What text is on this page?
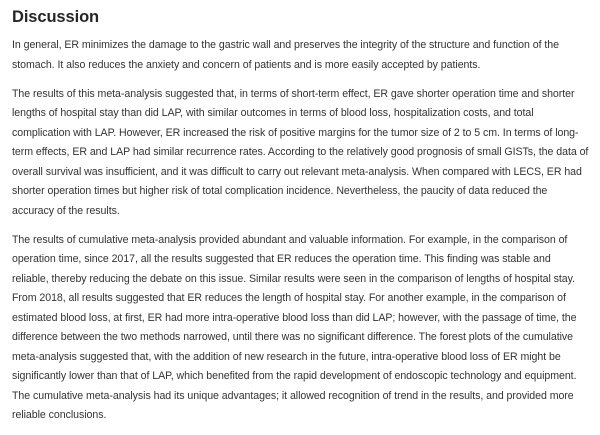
Discussion

In general, ER minimizes the damage to the gastric wall and preserves the integrity of the structure and function of the stomach. It also reduces the anxiety and concern of patients and is more easily accepted by patients.

The results of this meta-analysis suggested that, in terms of short-term effect, ER gave shorter operation time and shorter lengths of hospital stay than did LAP, with similar outcomes in terms of blood loss, hospitalization costs, and total complication with LAP. However, ER increased the risk of positive margins for the tumor size of 2 to 5 cm. In terms of long-term effects, ER and LAP had similar recurrence rates. According to the relatively good prognosis of small GISTs, the data of overall survival was insufficient, and it was difficult to carry out relevant meta-analysis. When compared with LECS, ER had shorter operation times but higher risk of total complication incidence. Nevertheless, the paucity of data reduced the accuracy of the results.

The results of cumulative meta-analysis provided abundant and valuable information. For example, in the comparison of operation time, since 2017, all the results suggested that ER reduces the operation time. This finding was stable and reliable, thereby reducing the debate on this issue. Similar results were seen in the comparison of lengths of hospital stay. From 2018, all results suggested that ER reduces the length of hospital stay. For another example, in the comparison of estimated blood loss, at first, ER had more intra-operative blood loss than did LAP; however, with the passage of time, the difference between the two methods narrowed, until there was no significant difference. The forest plots of the cumulative meta-analysis suggested that, with the addition of new research in the future, intra-operative blood loss of ER might be significantly lower than that of LAP, which benefited from the rapid development of endoscopic technology and equipment. The cumulative meta-analysis had its unique advantages; it allowed recognition of trend in the results, and provided more reliable conclusions.
